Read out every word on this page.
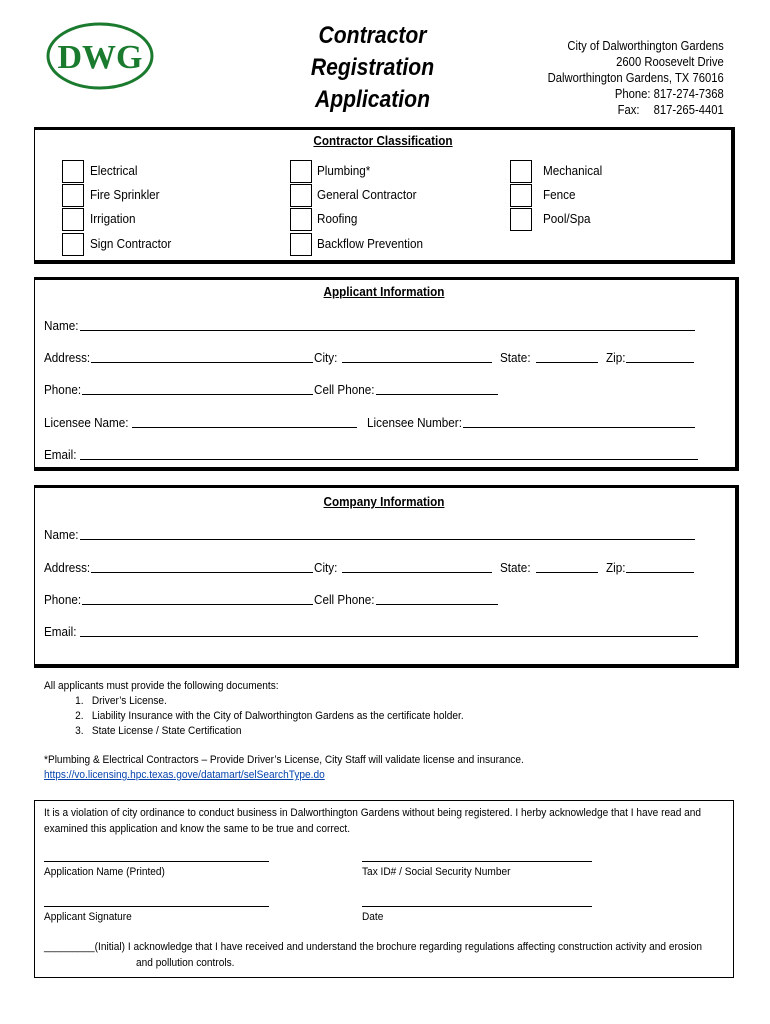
DWG
Contractor
Registration
Application
City of Dalworthington Gardens
2600 Roosevelt Drive
Dalworthington Gardens, TX 76016
Phone: 817-274-7368
Fax: 817-265-4401
Contractor Classification
Electrical
Fire Sprinkler
Irrigation
Sign Contractor
Plumbing*
General Contractor
Roofing
Backflow Prevention
Mechanical
Fence
Pool/Spa
Applicant Information
Name:
Address:	City:	State:	Zip:
Phone:	Cell Phone:
Licensee Name:	Licensee Number:
Email:
Company Information
Name:
Address:	City:	State:	Zip:
Phone:	Cell Phone:
Email:
All applicants must provide the following documents:
1. Driver’s License.
2. Liability Insurance with the City of Dalworthington Gardens as the certificate holder.
3. State License / State Certification
*Plumbing & Electrical Contractors – Provide Driver’s License, City Staff will validate license and insurance.
https://vo.licensing.hpc.texas.gove/datamart/selSearchType.do
It is a violation of city ordinance to conduct business in Dalworthington Gardens without being registered. I herby acknowledge that I have read and examined this application and know the same to be true and correct.
Application Name (Printed)	Tax ID# / Social Security Number
Applicant Signature	Date
_________(Initial) I acknowledge that I have received and understand the brochure regarding regulations affecting construction activity and erosion
and pollution controls.
